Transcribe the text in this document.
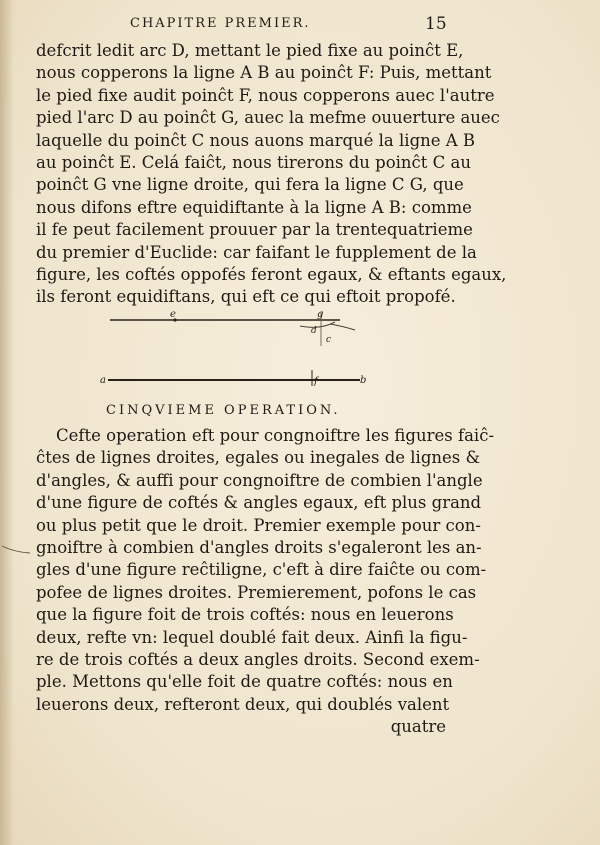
CHAPITRE PREMIER.	15
defcrit ledit arc D, mettant le pied fixe au poinĉt E,
nous copperons la ligne A B au poinĉt F: Puis, mettant
le pied fixe audit poinĉt F, nous copperons auec l'autre
pied l'arc D au poinĉt G, auec la mefme ouuerture auec
laquelle du poinĉt C nous auons marqué la ligne A B
au poinĉt E. Celá faiĉt, nous tirerons du poinĉt C au
poinĉt G vne ligne droite, qui fera la ligne C G, que
nous difons eftre equidiftante à la ligne A B: comme
il fe peut facilement prouuer par la trentequatrieme
du premier d'Euclide: car faifant le fupplement de la
figure, les coftés oppofés feront egaux, & eftants egaux,
ils feront equidiftans, qui eft ce qui eftoit propofé.
e	g
d
c
a	f	b
CINQVIEME OPERATION.
Cefte operation eft pour congnoiftre les figures faiĉ-
ĉtes de lignes droites, egales ou inegales de lignes &
d'angles, & auffi pour congnoiftre de combien l'angle
d'une figure de coftés & angles egaux, eft plus grand
ou plus petit que le droit. Premier exemple pour con-
gnoiftre à combien d'angles droits s'egaleront les an-
gles d'une figure reĉtiligne, c'eft à dire faiĉte ou com-
pofee de lignes droites. Premierement, pofons le cas
que la figure foit de trois coftés: nous en leuerons
deux, refte vn: lequel doublé fait deux. Ainfi la figu-
re de trois coftés a deux angles droits. Second exem-
ple. Mettons qu'elle foit de quatre coftés: nous en
leuerons deux, refteront deux, qui doublés valent
quatre
